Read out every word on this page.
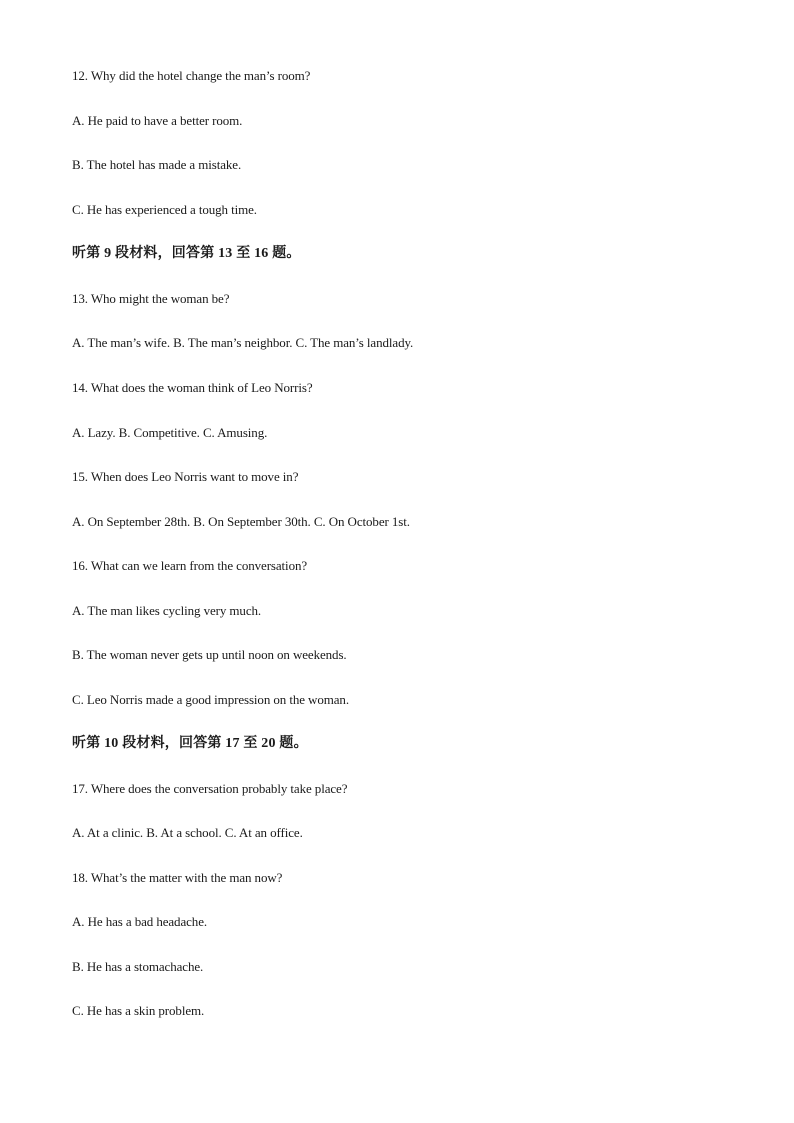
12. Why did the hotel change the man’s room?
A. He paid to have a better room.
B. The hotel has made a mistake.
C. He has experienced a tough time.
听第 9 段材料，回答第 13 至 16 题。
13. Who might the woman be?
A. The man’s wife. B. The man’s neighbor. C. The man’s landlady.
14. What does the woman think of Leo Norris?
A. Lazy. B. Competitive. C. Amusing.
15. When does Leo Norris want to move in?
A. On September 28th. B. On September 30th. C. On October 1st.
16. What can we learn from the conversation?
A. The man likes cycling very much.
B. The woman never gets up until noon on weekends.
C. Leo Norris made a good impression on the woman.
听第 10 段材料，回答第 17 至 20 题。
17. Where does the conversation probably take place?
A. At a clinic. B. At a school. C. At an office.
18. What’s the matter with the man now?
A. He has a bad headache.
B. He has a stomachache.
C. He has a skin problem.
